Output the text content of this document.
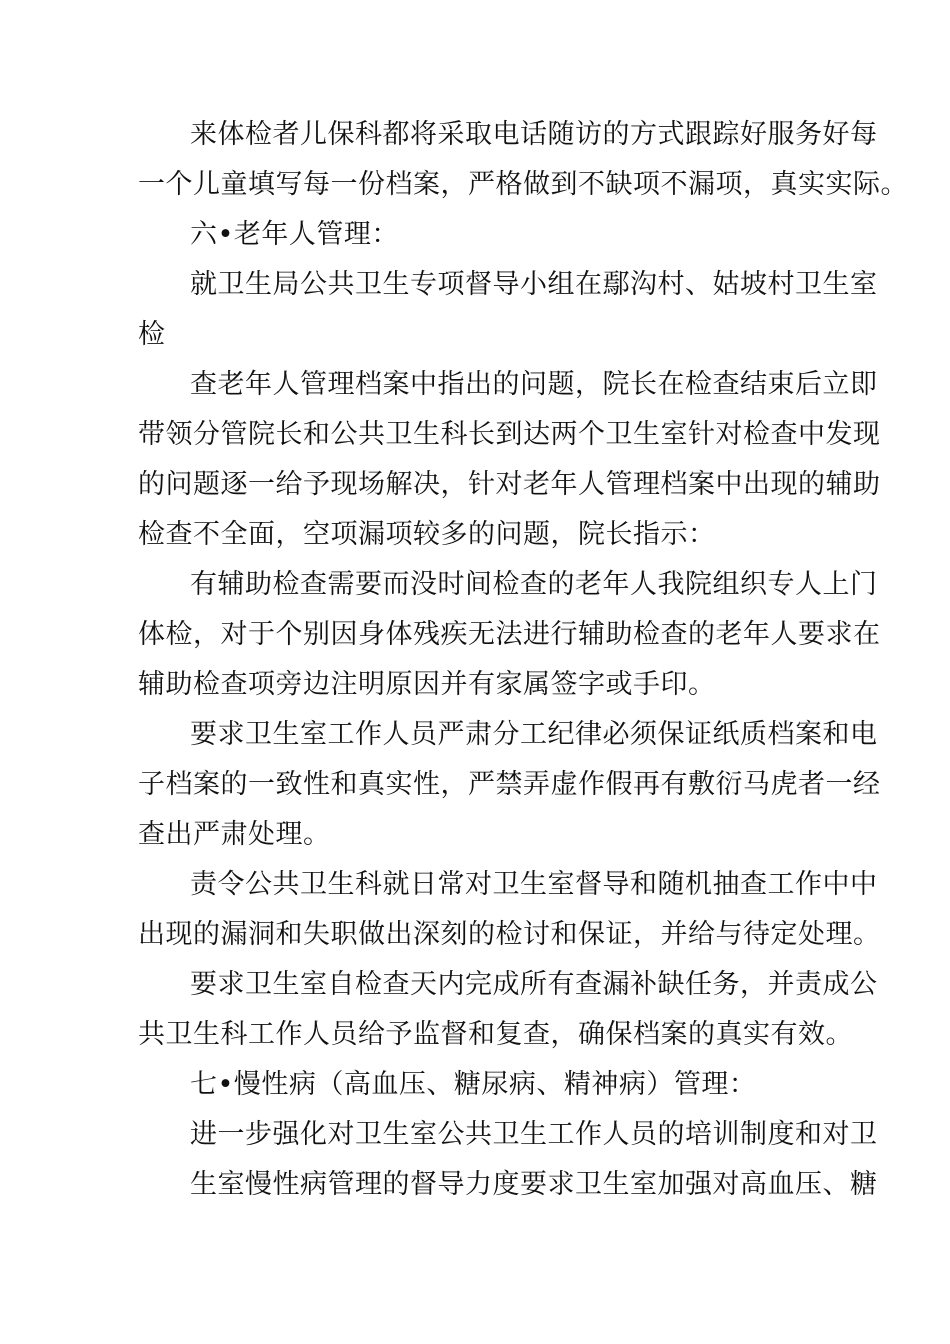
来体检者儿保科都将采取电话随访的方式跟踪好服务好每
一个儿童填写每一份档案，严格做到不缺项不漏项，真实实际。
六•老年人管理：
就卫生局公共卫生专项督导小组在鄢沟村、姑坡村卫生室
检
查老年人管理档案中指出的问题，院长在检查结束后立即
带领分管院长和公共卫生科长到达两个卫生室针对检查中发现
的问题逐一给予现场解决，针对老年人管理档案中出现的辅助
检查不全面，空项漏项较多的问题，院长指示：
有辅助检查需要而没时间检查的老年人我院组织专人上门
体检，对于个别因身体残疾无法进行辅助检查的老年人要求在
辅助检查项旁边注明原因并有家属签字或手印。
要求卫生室工作人员严肃分工纪律必须保证纸质档案和电
子档案的一致性和真实性，严禁弄虚作假再有敷衍马虎者一经
查出严肃处理。
责令公共卫生科就日常对卫生室督导和随机抽查工作中中
出现的漏洞和失职做出深刻的检讨和保证，并给与待定处理。
要求卫生室自检查天内完成所有查漏补缺任务，并责成公
共卫生科工作人员给予监督和复查，确保档案的真实有效。
七•慢性病（高血压、糖尿病、精神病）管理：
进一步强化对卫生室公共卫生工作人员的培训制度和对卫
生室慢性病管理的督导力度要求卫生室加强对高血压、糖
